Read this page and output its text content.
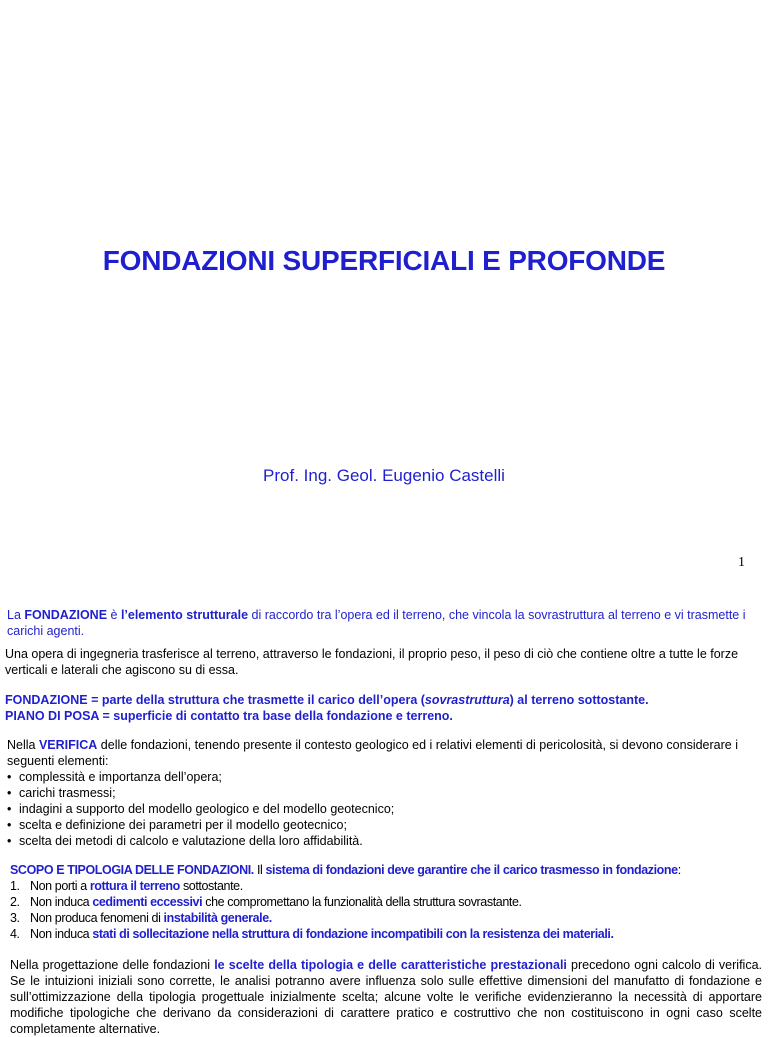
FONDAZIONI SUPERFICIALI E PROFONDE
Prof. Ing. Geol. Eugenio Castelli
1
La FONDAZIONE è l’elemento strutturale di raccordo tra l’opera ed il terreno, che vincola la sovrastruttura al terreno e vi trasmette i carichi agenti.
Una opera di ingegneria trasferisce al terreno, attraverso le fondazioni, il proprio peso, il peso di ciò che contiene oltre a tutte le forze verticali e laterali che agiscono su di essa.
FONDAZIONE = parte della struttura che trasmette il carico dell’opera (sovrastruttura) al terreno sottostante.
PIANO DI POSA = superficie di contatto tra base della fondazione e terreno.
Nella VERIFICA delle fondazioni, tenendo presente il contesto geologico ed i relativi elementi di pericolosità, si devono considerare i seguenti elementi:
• complessità e importanza dell’opera;
• carichi trasmessi;
• indagini a supporto del modello geologico e del modello geotecnico;
• scelta e definizione dei parametri per il modello geotecnico;
• scelta dei metodi di calcolo e valutazione della loro affidabilità.
SCOPO E TIPOLOGIA DELLE FONDAZIONI. Il sistema di fondazioni deve garantire che il carico trasmesso in fondazione:
1. Non porti a rottura il terreno sottostante.
2. Non induca cedimenti eccessivi che compromettano la funzionalità della struttura sovrastante.
3. Non produca fenomeni di instabilità generale.
4. Non induca stati di sollecitazione nella struttura di fondazione incompatibili con la resistenza dei materiali.
Nella progettazione delle fondazioni le scelte della tipologia e delle caratteristiche prestazionali precedono ogni calcolo di verifica. Se le intuizioni iniziali sono corrette, le analisi potranno avere influenza solo sulle effettive dimensioni del manufatto di fondazione e sull’ottimizzazione della tipologia progettuale inizialmente scelta; alcune volte le verifiche evidenzieranno la necessità di apportare modifiche tipologiche che derivano da considerazioni di carattere pratico e costruttivo che non costituiscono in ogni caso scelte completamente alternative.
